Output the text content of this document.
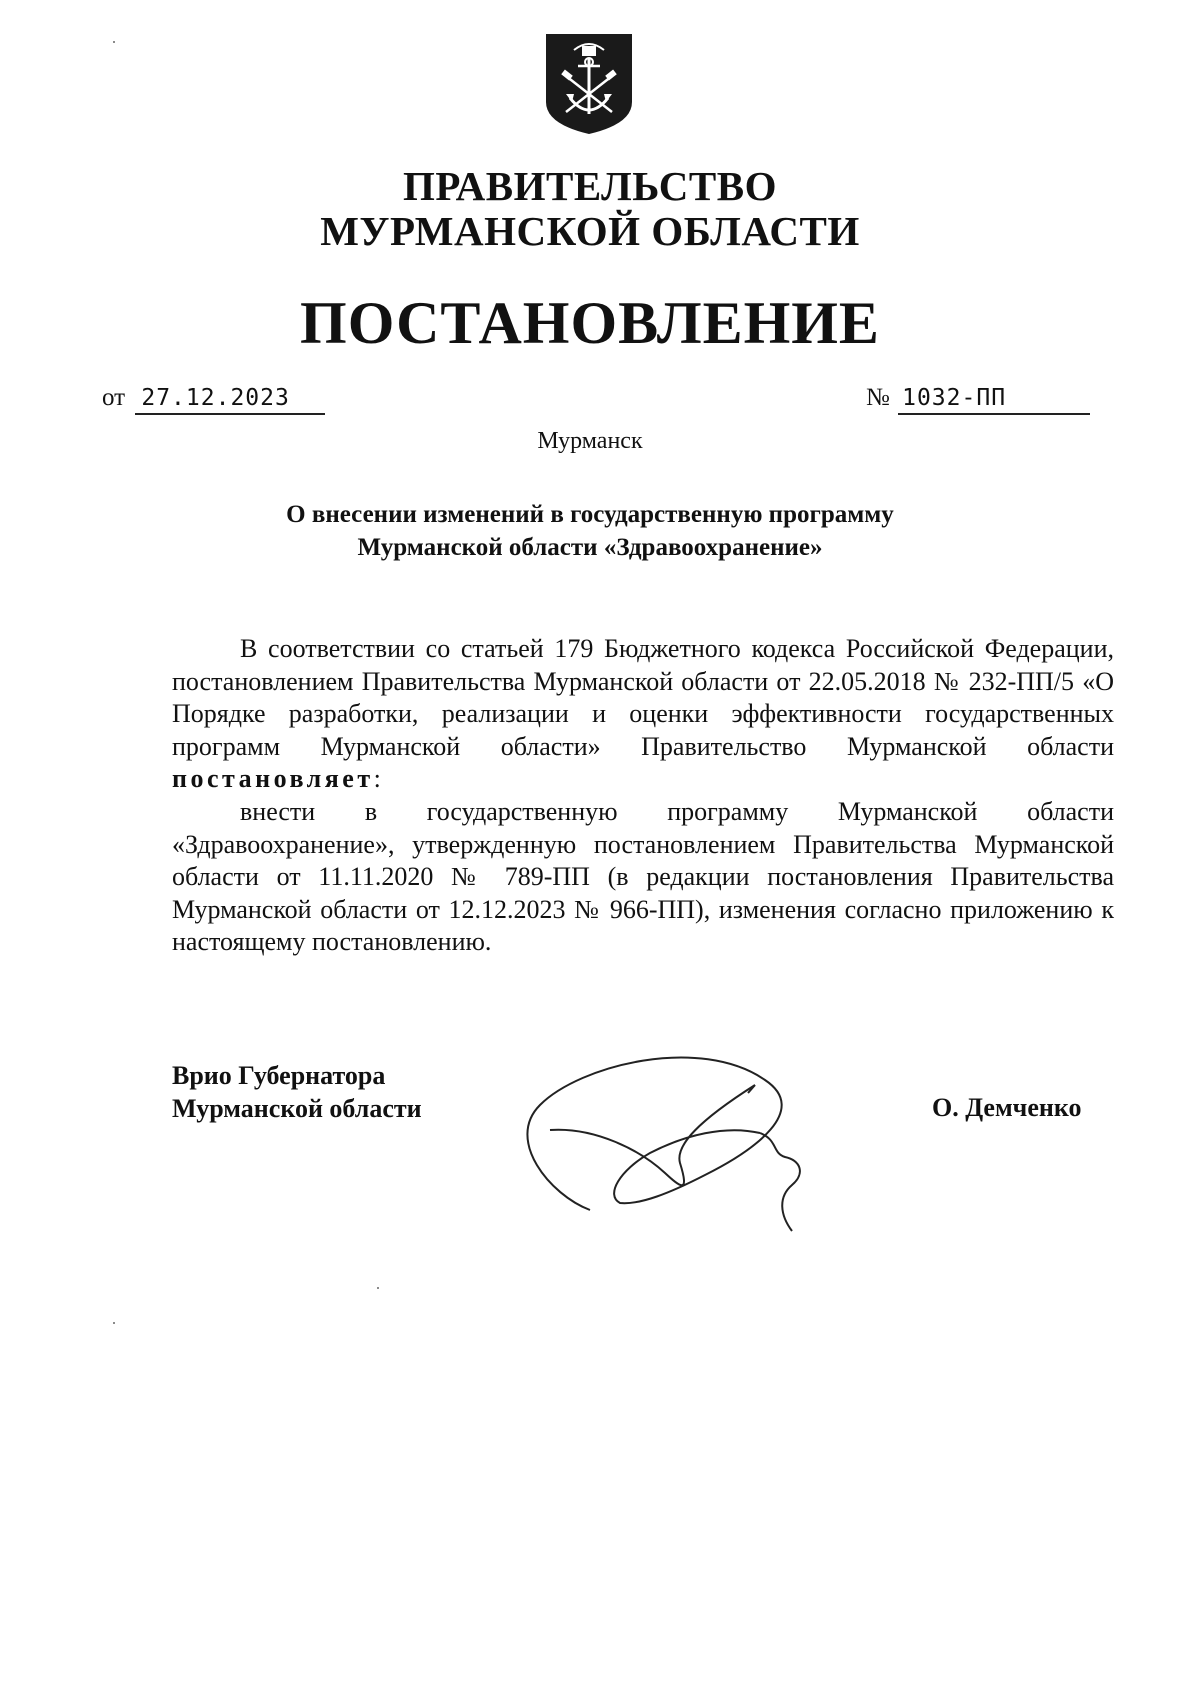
ПРАВИТЕЛЬСТВО
МУРМАНСКОЙ ОБЛАСТИ
ПОСТАНОВЛЕНИЕ
от 27.12.2023	№ 1032-ПП
Мурманск
О внесении изменений в государственную программу
Мурманской области «Здравоохранение»

В соответствии со статьей 179 Бюджетного кодекса Российской Федерации, постановлением Правительства Мурманской области от 22.05.2018 № 232-ПП/5 «О Порядке разработки, реализации и оценки эффективности государственных программ Мурманской области» Правительство Мурманской области постановляет:

внести в государственную программу Мурманской области «Здравоохранение», утвержденную постановлением Правительства Мурманской области от 11.11.2020 № 789-ПП (в редакции постановления Правительства Мурманской области от 12.12.2023 № 966-ПП), изменения согласно приложению к настоящему постановлению.

Врио Губернатора
Мурманской области	О. Демченко
